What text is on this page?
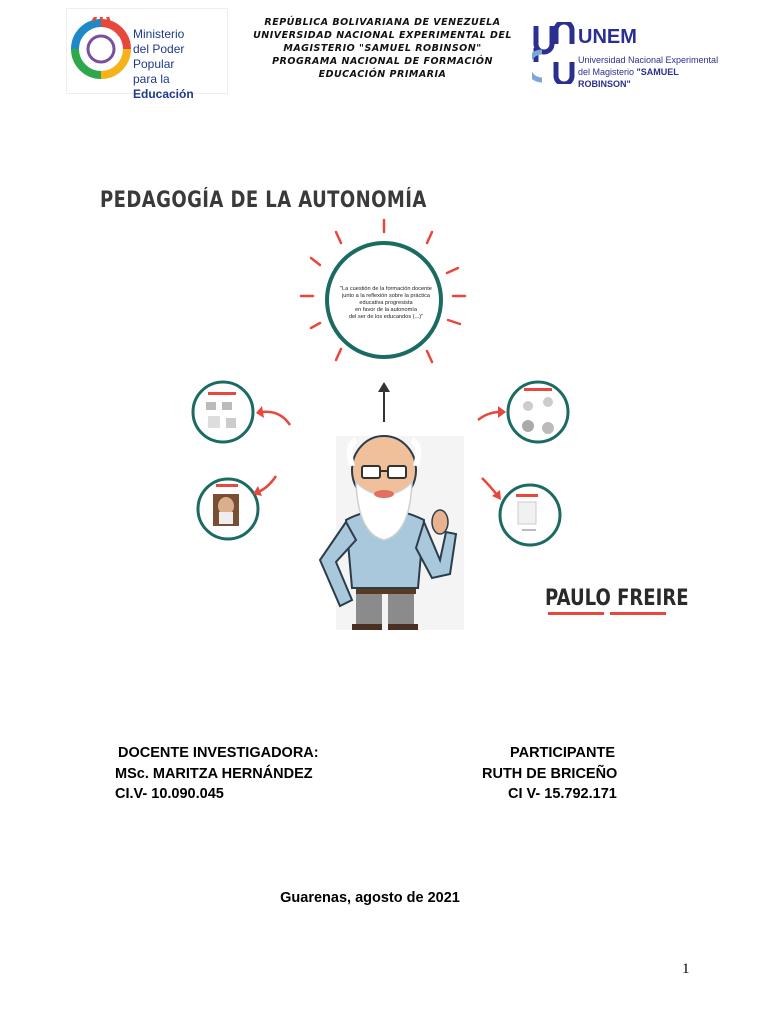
Ministerio
del Poder Popular
para la Educación
REPÚBLICA BOLIVARIANA DE VENEZUELA
UNIVERSIDAD NACIONAL EXPERIMENTAL DEL
MAGISTERIO "SAMUEL ROBINSON"
PROGRAMA NACIONAL DE FORMACIÓN
EDUCACIÓN PRIMARIA
UNEM
Universidad Nacional Experimental
del Magisterio "SAMUEL ROBINSON"
PEDAGOGÍA DE LA AUTONOMÍA
"La cuestión de la formación docente
junto a la reflexión sobre la práctica
educativa progresista
en favor de la autonomía
del ser de los educandos (...)"
PAULO FREIRE
DOCENTE INVESTIGADORA:
MSc. MARITZA HERNÁNDEZ
CI.V- 10.090.045
PARTICIPANTE
RUTH DE BRICEÑO
CI V- 15.792.171
Guarenas, agosto de 2021
1
